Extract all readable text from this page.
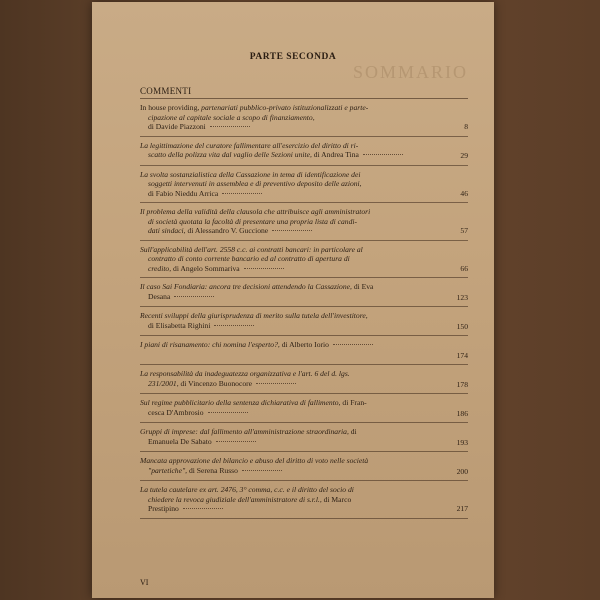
SOMMARIO
PARTE SECONDA
COMMENTI
In house providing, partenariati pubblico-privato istituzionalizzati e parte-
cipazione al capitale sociale a scopo di finanziamento,
di Davide Piazzoni	8
La legittimazione del curatore fallimentare all'esercizio del diritto di ri-
scatto della polizza vita dal vaglio delle Sezioni unite, di Andrea Tina	29
La svolta sostanzialistica della Cassazione in tema di identificazione dei
soggetti intervenuti in assemblea e di preventivo deposito delle azioni,
di Fabio Nieddu Arrica	46
Il problema della validità della clausola che attribuisce agli amministratori
di società quotata la facoltà di presentare una propria lista di candi-
dati sindaci, di Alessandro V. Guccione	57
Sull'applicabilità dell'art. 2558 c.c. ai contratti bancari: in particolare al
contratto di conto corrente bancario ed al contratto di apertura di
credito, di Angelo Sommariva	66
Il caso Sai Fondiaria: ancora tre decisioni attendendo la Cassazione, di Eva
Desana	123
Recenti sviluppi della giurisprudenza di merito sulla tutela dell'investitore,
di Elisabetta Righini	150
I piani di risanamento: chi nomina l'esperto?, di Alberto Iorio
174
La responsabilità da inadeguatezza organizzativa e l'art. 6 del d. lgs.
231/2001, di Vincenzo Buonocore	178
Sul regime pubblicitario della sentenza dichiarativa di fallimento, di Fran-
cesca D'Ambrosio	186
Gruppi di imprese: dal fallimento all'amministrazione straordinaria, di
Emanuela De Sabato	193
Mancata approvazione del bilancio e abuso del diritto di voto nelle società
"partetiche", di Serena Russo	200
La tutela cautelare ex art. 2476, 3° comma, c.c. e il diritto del socio di
chiedere la revoca giudiziale dell'amministratore di s.r.l., di Marco
Prestipino	217
VI
